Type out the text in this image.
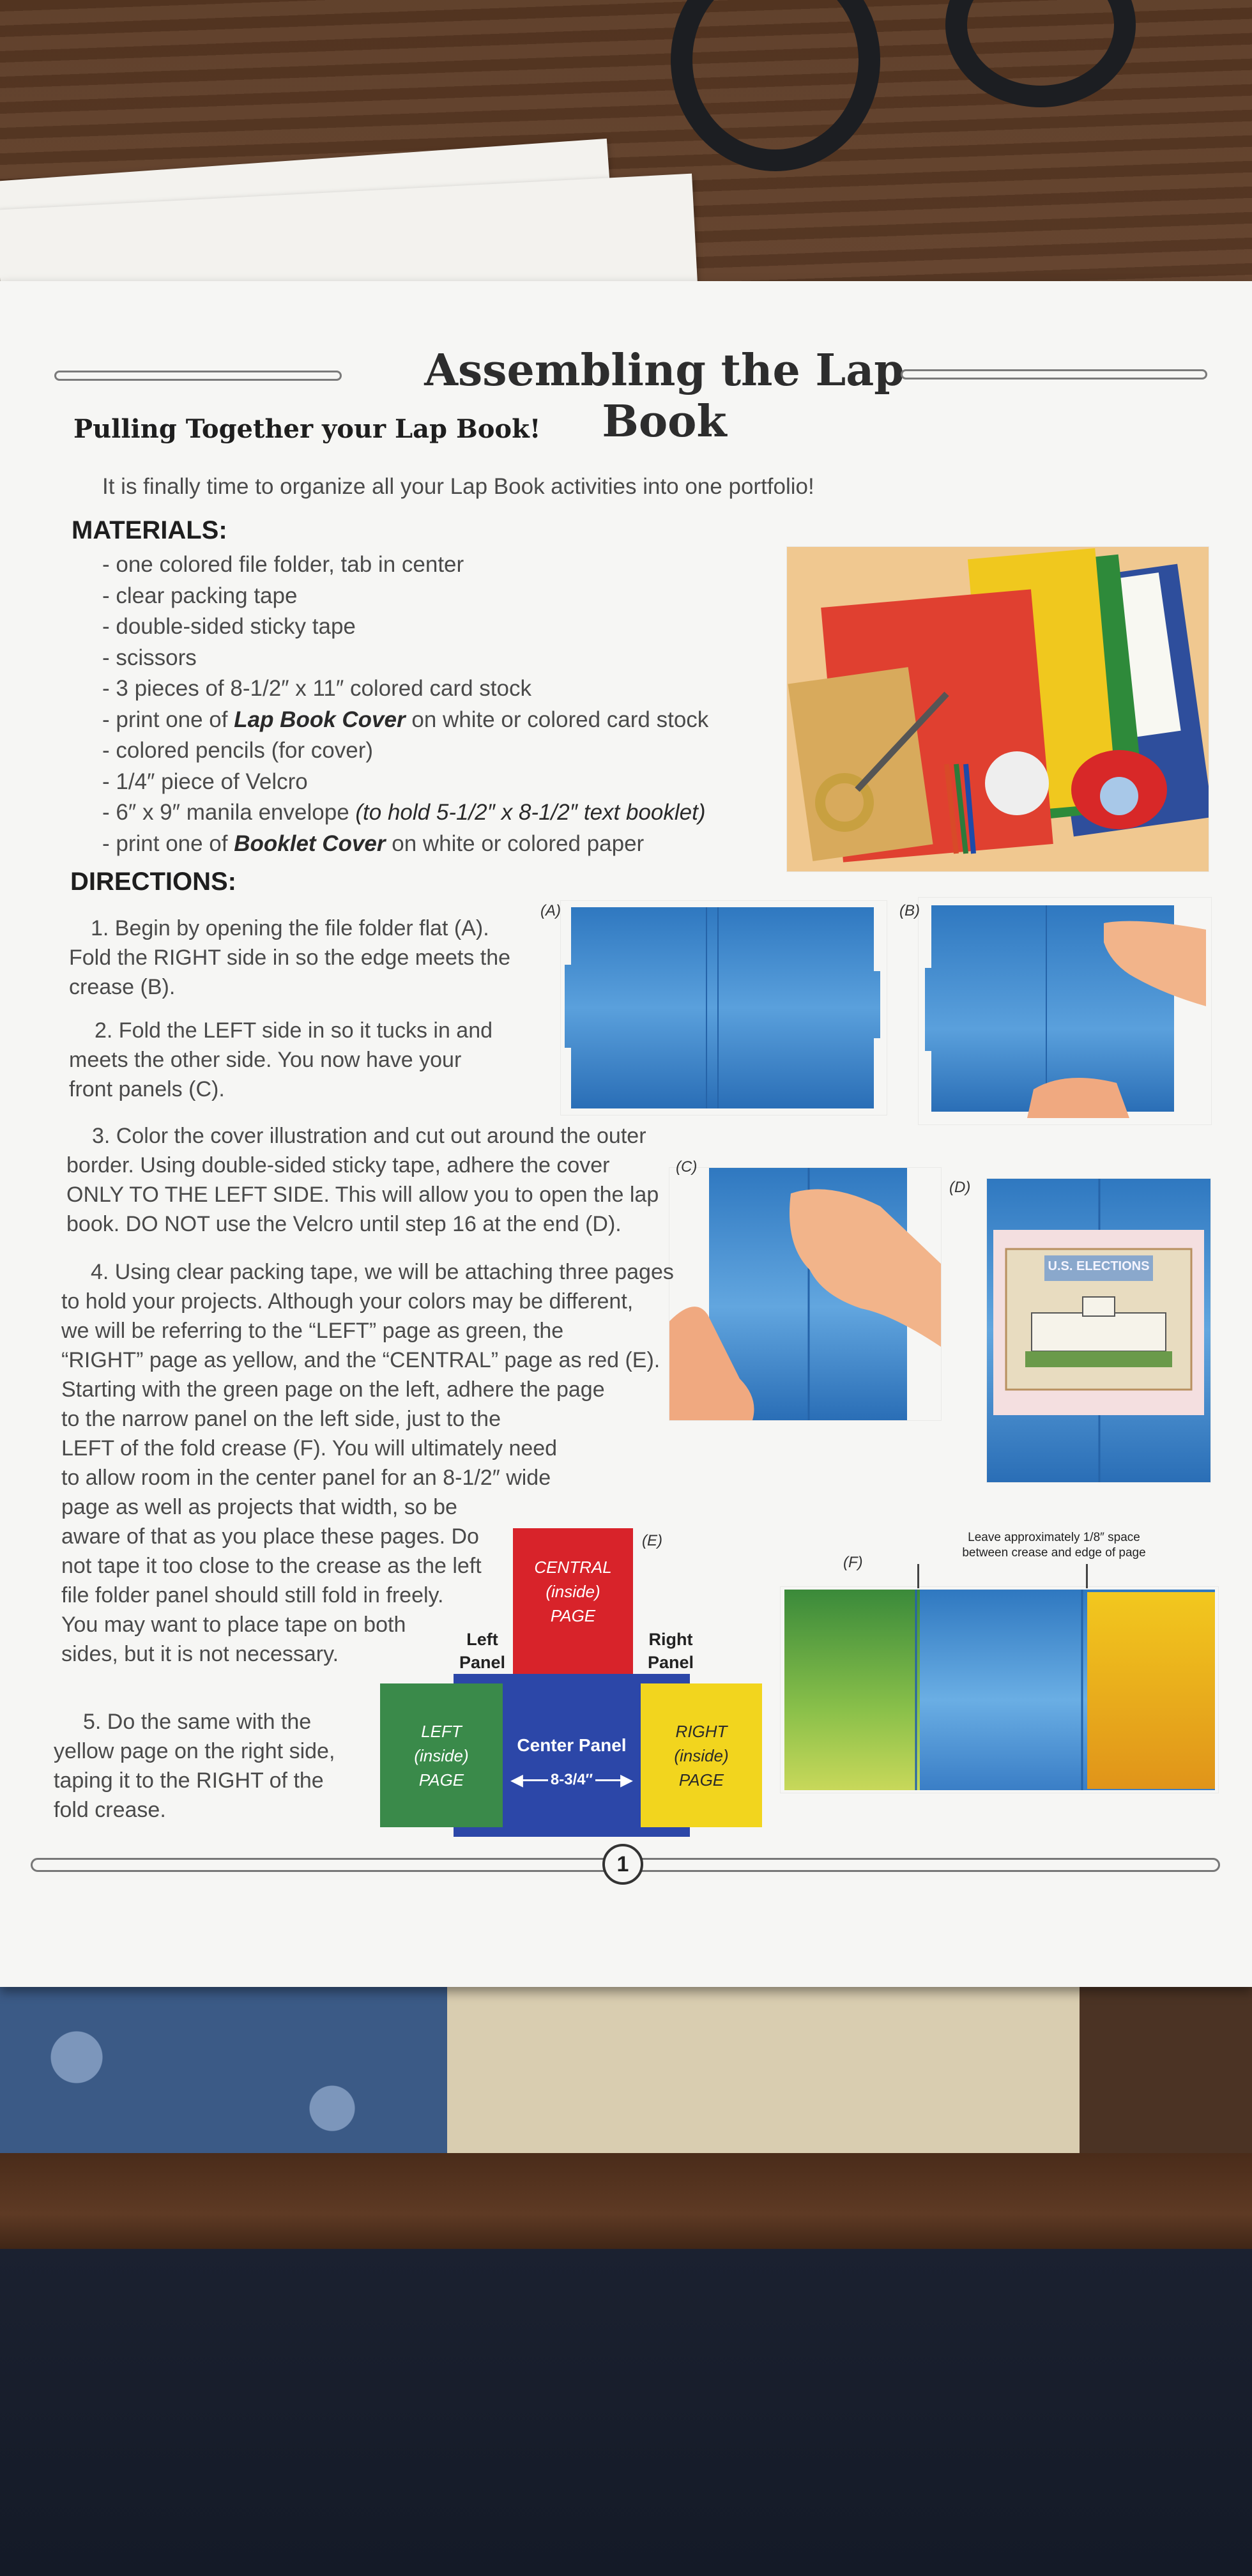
Assembling the Lap Book
Pulling Together your Lap Book!
It is finally time to organize all your Lap Book activities into one portfolio!
MATERIALS:
- one colored file folder, tab in center
- clear packing tape
- double-sided sticky tape
- scissors
- 3 pieces of 8-1/2″ x 11″ colored card stock
- print one of Lap Book Cover on white or colored card stock
- colored pencils (for cover)
- 1/4″ piece of Velcro
- 6″ x 9″ manila envelope (to hold 5-1/2″ x 8-1/2″ text booklet)
- print one of Booklet Cover on white or colored paper
DIRECTIONS:

1. Begin by opening the file folder flat (A).

Fold the RIGHT side in so the edge meets the

crease (B).

2. Fold the LEFT side in so it tucks in and

meets the other side. You now have your

front panels (C).

3. Color the cover illustration and cut out around the outer

border. Using double-sided sticky tape, adhere the cover

ONLY TO THE LEFT SIDE. This will allow you to open the lap

book. DO NOT use the Velcro until step 16 at the end (D).

4. Using clear packing tape, we will be attaching three pages

to hold your projects. Although your colors may be different,

we will be referring to the “LEFT” page as green, the

“RIGHT” page as yellow, and the “CENTRAL” page as red (E).

Starting with the green page on the left, adhere the page

to the narrow panel on the left side, just to the

LEFT of the fold crease (F). You will ultimately need

to allow room in the center panel for an 8-1/2″ wide

page as well as projects that width, so be

aware of that as you place these pages. Do

not tape it too close to the crease as the left

file folder panel should still fold in freely.

You may want to place tape on both

sides, but it is not necessary.

5. Do the same with the

yellow page on the right side,

taping it to the RIGHT of the

fold crease.

(A)	(B)
(C)
(D)
U.S. ELECTIONS
(E)
CENTRAL
(inside)
PAGE
Left
Panel
Right
Panel
LEFT
(inside)
PAGE
RIGHT
(inside)
PAGE
Center Panel
◀ 8-3/4″ ▶
Leave approximately 1/8″ space
between crease and edge of page
(F)
1
